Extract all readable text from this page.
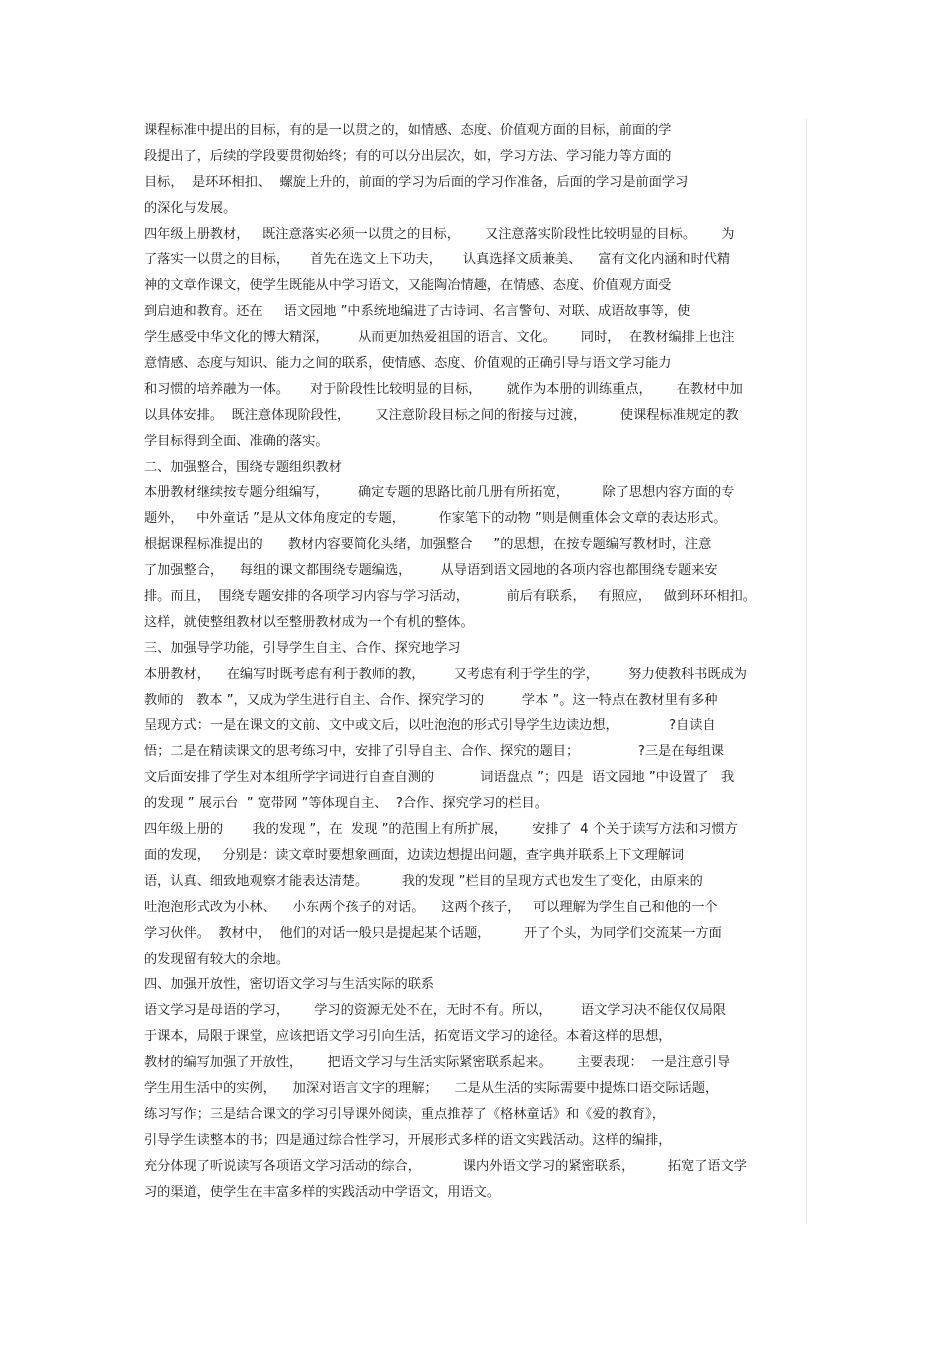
课程标准中提出的目标，有的是一以贯之的，如情感、态度、价值观方面的目标，前面的学
段提出了，后续的学段要贯彻始终；有的可以分出层次，如，学习方法、学习能力等方面的
目标，  是环环相扣、  螺旋上升的，前面的学习为后面的学习作准备，后面的学习是前面学习
的深化与发展。
四年级上册教材，   既注意落实必须一以贯之的目标，      又注意落实阶段性比较明显的目标。      为
了落实一以贯之的目标，     首先在选文上下功夫，     认真选择文质兼美、    富有文化内涵和时代精
神的文章作课文，使学生既能从中学习语文，又能陶冶情趣，在情感、态度、价值观方面受
到启迪和教育。还在     语文园地 ”中系统地编进了古诗词、名言警句、对联、成语故事等，使
学生感受中华文化的博大精深，       从而更加热爱祖国的语言、文化。      同时，  在教材编排上也注
意情感、态度与知识、能力之间的联系，使情感、态度、价值观的正确引导与语文学习能力
和习惯的培养融为一体。     对于阶段性比较明显的目标，      就作为本册的训练重点，      在教材中加
以具体安排。  既注意体现阶段性，      又注意阶段目标之间的衔接与过渡，        使课程标准规定的教
学目标得到全面、准确的落实。
二、加强整合，围绕专题组织教材
本册教材继续按专题分组编写，       确定专题的思路比前几册有所拓宽，        除了思想内容方面的专
题外，   中外童话 ”是从文体角度定的专题，        作家笔下的动物 ”则是侧重体会文章的表达形式。
根据课程标准提出的      教材内容要简化头绪，加强整合     ”的思想，在按专题编写教材时，注意
了加强整合，    每组的课文都围绕专题编选，       从导语到语文园地的各项内容也都围绕专题来安
排。而且，  围绕专题安排的各项学习内容与学习活动，         前后有联系，   有照应，   做到环环相扣。
这样，就使整组教材以至整册教材成为一个有机的整体。
三、加强导学功能，引导学生自主、合作、探究地学习
本册教材，    在编写时既考虑有利于教师的教，       又考虑有利于学生的学，       努力使教科书既成为
教师的   教本 ”，又成为学生进行自主、合作、探究学习的         学本 ”。这一特点在教材里有多种
呈现方式：一是在课文的文前、文中或文后，以吐泡泡的形式引导学生边读边想，            ?自读自
悟；二是在精读课文的思考练习中，安排了引导自主、合作、探究的题目；              ?三是在每组课
文后面安排了学生对本组所学字词进行自查自测的           词语盘点 ”；四是  语文园地 ”中设置了   我
的发现 ” 展示台  ” 宽带网 ”等体现自主、  ?合作、探究学习的栏目。
四年级上册的       我的发现 ”，在  发现 ”的范围上有所扩展，      安排了  4 个关于读写方法和习惯方
面的发现，   分别是：读文章时要想象画面，边读边想提出问题，查字典并联系上下文理解词
语，认真、细致地观察才能表达清楚。        我的发现 ”栏目的呈现方式也发生了变化，由原来的
吐泡泡形式改为小林、    小东两个孩子的对话。    这两个孩子，   可以理解为学生自己和他的一个
学习伙伴。  教材中，  他们的对话一般只是提起某个话题，        开了个头，为同学们交流某一方面
的发现留有较大的余地。
四、加强开放性，密切语文学习与生活实际的联系
语文学习是母语的学习，      学习的资源无处不在，无时不有。所以，       语文学习决不能仅仅局限
于课本，局限于课堂，应该把语文学习引向生活，拓宽语文学习的途径。本着这样的思想，
教材的编写加强了开放性，      把语文学习与生活实际紧密联系起来。      主要表现：  一是注意引导
学生用生活中的实例，    加深对语言文字的理解；    二是从生活的实际需要中提炼口语交际话题，
练习写作；三是结合课文的学习引导课外阅读，重点推荐了《格林童话》和《爱的教育》，
引导学生读整本的书；四是通过综合性学习，开展形式多样的语文实践活动。这样的编排，
充分体现了听说读写各项语文学习活动的综合，          课内外语文学习的紧密联系，        拓宽了语文学
习的渠道，使学生在丰富多样的实践活动中学语文，用语文。
